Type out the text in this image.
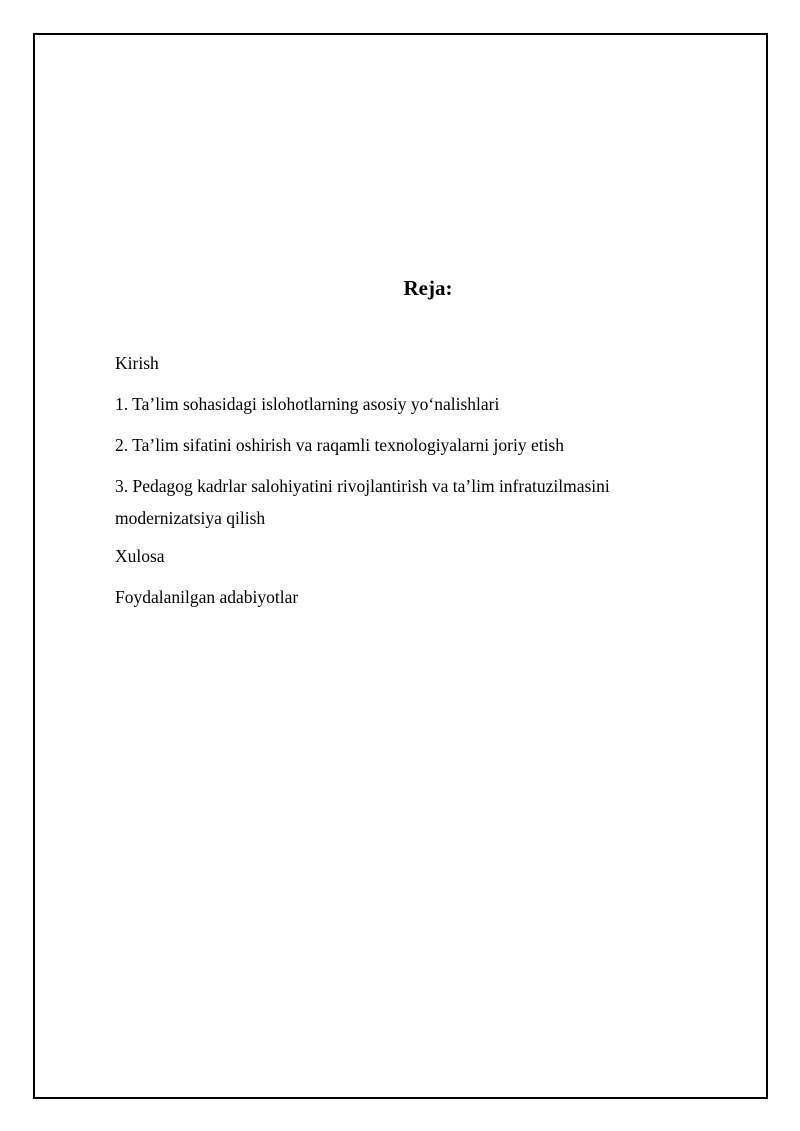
Reja:
Kirish
1. Ta’lim sohasidagi islohotlarning asosiy yo‘nalishlari
2. Ta’lim sifatini oshirish va raqamli texnologiyalarni joriy etish
3. Pedagog kadrlar salohiyatini rivojlantirish va ta’lim infratuzilmasini modernizatsiya qilish
Xulosa
Foydalanilgan adabiyotlar
